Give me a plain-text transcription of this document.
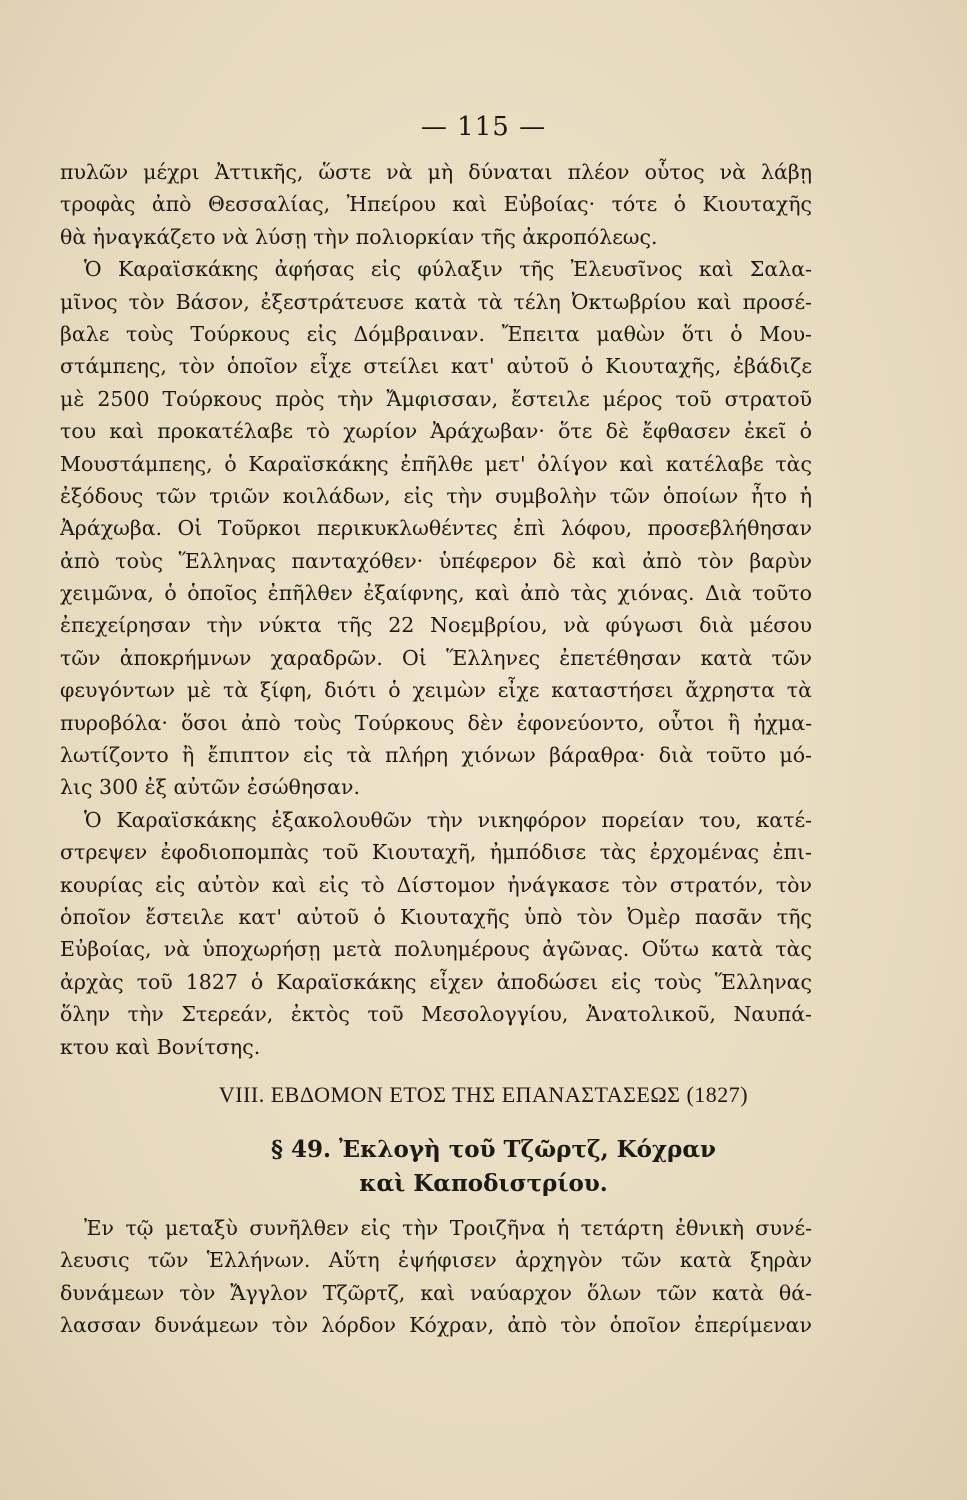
— 115 —
πυλῶν μέχρι Ἀττικῆς, ὥστε νὰ μὴ δύναται πλέον οὗτος νὰ λάβῃ
τροφὰς ἀπὸ Θεσσαλίας, Ἠπείρου καὶ Εὐβοίας· τότε ὁ Κιουταχῆς
θὰ ἠναγκάζετο νὰ λύσῃ τὴν πολιορκίαν τῆς ἀκροπόλεως.
Ὁ Καραϊσκάκης ἀφήσας εἰς φύλαξιν τῆς Ἐλευσῖνος καὶ Σαλα-
μῖνος τὸν Βάσον, ἐξεστράτευσε κατὰ τὰ τέλη Ὀκτωβρίου καὶ προσέ-
βαλε τοὺς Τούρκους εἰς Δόμβραιναν. Ἔπειτα μαθὼν ὅτι ὁ Μου-
στάμπεης, τὸν ὁποῖον εἶχε στείλει κατ' αὐτοῦ ὁ Κιουταχῆς, ἐβάδιζε
μὲ 2500 Τούρκους πρὸς τὴν Ἄμφισσαν, ἔστειλε μέρος τοῦ στρατοῦ
του καὶ προκατέλαβε τὸ χωρίον Ἀράχωβαν· ὅτε δὲ ἔφθασεν ἐκεῖ ὁ
Μουστάμπεης, ὁ Καραϊσκάκης ἐπῆλθε μετ' ὀλίγον καὶ κατέλαβε τὰς
ἐξόδους τῶν τριῶν κοιλάδων, εἰς τὴν συμβολὴν τῶν ὁποίων ἦτο ἡ
Ἀράχωβα. Οἱ Τοῦρκοι περικυκλωθέντες ἐπὶ λόφου, προσεβλήθησαν
ἀπὸ τοὺς Ἕλληνας πανταχόθεν· ὑπέφερον δὲ καὶ ἀπὸ τὸν βαρὺν
χειμῶνα, ὁ ὁποῖος ἐπῆλθεν ἐξαίφνης, καὶ ἀπὸ τὰς χιόνας. Διὰ τοῦτο
ἐπεχείρησαν τὴν νύκτα τῆς 22 Νοεμβρίου, νὰ φύγωσι διὰ μέσου
τῶν ἀποκρήμνων χαραδρῶν. Οἱ Ἕλληνες ἐπετέθησαν κατὰ τῶν
φευγόντων μὲ τὰ ξίφη, διότι ὁ χειμὼν εἶχε καταστήσει ἄχρηστα τὰ
πυροβόλα· ὅσοι ἀπὸ τοὺς Τούρκους δὲν ἐφονεύοντο, οὗτοι ἢ ἠχμα-
λωτίζοντο ἢ ἔπιπτον εἰς τὰ πλήρη χιόνων βάραθρα· διὰ τοῦτο μό-
λις 300 ἐξ αὐτῶν ἐσώθησαν.
Ὁ Καραϊσκάκης ἐξακολουθῶν τὴν νικηφόρον πορείαν του, κατέ-
στρεψεν ἐφοδιοπομπὰς τοῦ Κιουταχῆ, ἠμπόδισε τὰς ἐρχομένας ἐπι-
κουρίας εἰς αὐτὸν καὶ εἰς τὸ Δίστομον ἠνάγκασε τὸν στρατόν, τὸν
ὁποῖον ἔστειλε κατ' αὐτοῦ ὁ Κιουταχῆς ὑπὸ τὸν Ὀμὲρ πασᾶν τῆς
Εὐβοίας, νὰ ὑποχωρήσῃ μετὰ πολυημέρους ἀγῶνας. Οὕτω κατὰ τὰς
ἀρχὰς τοῦ 1827 ὁ Καραϊσκάκης εἶχεν ἀποδώσει εἰς τοὺς Ἕλληνας
ὅλην τὴν Στερεάν, ἐκτὸς τοῦ Μεσολογγίου, Ἀνατολικοῦ, Ναυπά-
κτου καὶ Βονίτσης.
VIII. ΕΒΔΟΜΟΝ ΕΤΟΣ ΤΗΣ ΕΠΑΝΑΣΤΑΣΕΩΣ (1827)
§ 49. Ἐκλογὴ τοῦ Τζῶρτζ, Κόχραν
καὶ Καποδιστρίου.
Ἐν τῷ μεταξὺ συνῆλθεν εἰς τὴν Τροιζῆνα ἡ τετάρτη ἐθνικὴ συνέ-
λευσις τῶν Ἑλλήνων. Αὕτη ἐψήφισεν ἀρχηγὸν τῶν κατὰ ξηρὰν
δυνάμεων τὸν Ἄγγλον Τζῶρτζ, καὶ ναύαρχον ὅλων τῶν κατὰ θά-
λασσαν δυνάμεων τὸν λόρδον Κόχραν, ἀπὸ τὸν ὁποῖον ἐπερίμεναν
